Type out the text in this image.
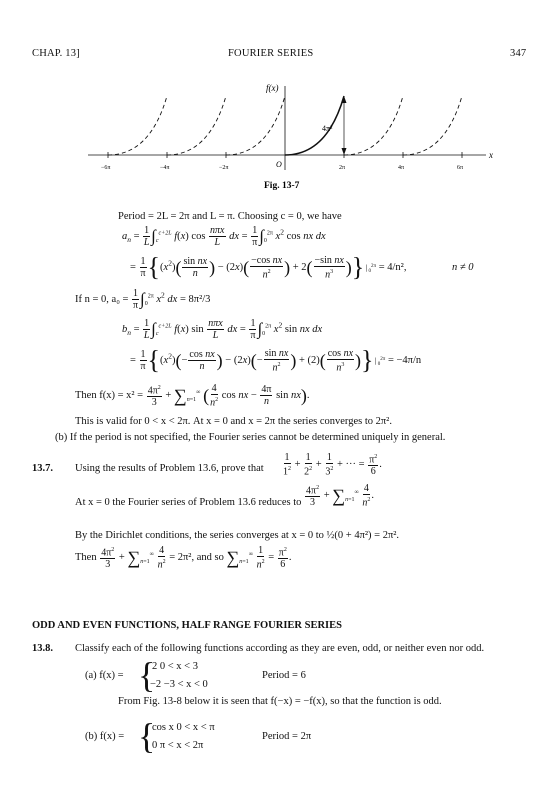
CHAP. 13]	FOURIER SERIES	347
f(x)
x
O
4π²
−6π	−4π	−2π	2π	4π	6π
Fig. 13-7
Period = 2L = 2π and L = π. Choosing c = 0, we have
$a_n = \frac{1}{L} \int_c^{c+2L}$ f(x) $\cos \frac{\text{nπx}}{L}$ dx = $\frac{1}{\pi} \int_0^{2\pi}$ $x^2$ cos nx dx
= $\frac{1}{\pi} \{(x^2)( \frac{\text{sin nx}}{n}$ ) − $(2x)( \frac{\text{−cos nx}}{n^2}$ ) + $2( \frac{\text{−sin nx}}{n^3}$ )}$│_0^{2\pi} = 4/n^2$,	n ≠ 0
If n = 0, $a_0 = \frac{1}{\pi} \int_0^{2\pi}$ $x^2$ dx = 8π²/3
$b_n = \frac{1}{L} \int_c^{c+2L}$ f(x) $\sin \frac{\text{nπx}}{L}$ dx = $\frac{1}{\pi} \int_0^{2\pi}$ $x^2$ sin nx dx
= $\frac{1}{\pi} \{(x^2)(- \frac{\text{cos nx}}{n}$ ) − $(2x)(- \frac{\text{sin nx}}{n^2}$ ) + $(2)( \frac{\text{cos nx}}{n^3}$ )}$│_0^{2\pi} = -4\pi/n$
Then $f(x) = x^2 = \frac{4\pi^2}{3} + \sum_{n=1}^\infty$ ( $\frac{4}{n^2}$ cos nx − $\frac{4\pi}{n}$ sin nx).
This is valid for 0 < x < 2π. At x = 0 and x = 2π the series converges to 2π².
(b) If the period is not specified, the Fourier series cannot be determined uniquely in general.
13.7. Using the results of Problem 13.6, prove that $\frac{1}{1^2} + \frac{1}{2^2} + \frac{1}{3^2}$ + ··· = $\frac{\pi^2}{6}$ .
At x = 0 the Fourier series of Problem 13.6 reduces to $\frac{4\pi^2}{3} + \sum_{n=1}^\infty \frac{4}{n^2}$ .
By the Dirichlet conditions, the series converges at x = 0 to ½(0 + 4π²) = 2π².
Then $\frac{4\pi^2}{3} + \sum_{n=1}^\infty \frac{4}{n^2} = 2\pi^2$, and so $\sum_{n=1}^\infty \frac{1}{n^2} = \frac{\pi^2}{6}$ .
ODD AND EVEN FUNCTIONS, HALF RANGE FOURIER SERIES
13.8. Classify each of the following functions according as they are even, odd, or neither even nor odd.
(a) f(x) = {
2 0 < x < 3
−2 −3 < x < 0
Period = 6
From Fig. 13-8 below it is seen that f(−x) = −f(x), so that the function is odd.
(b) f(x) = {
cos x 0 < x < π
0 π < x < 2π
Period = 2π
